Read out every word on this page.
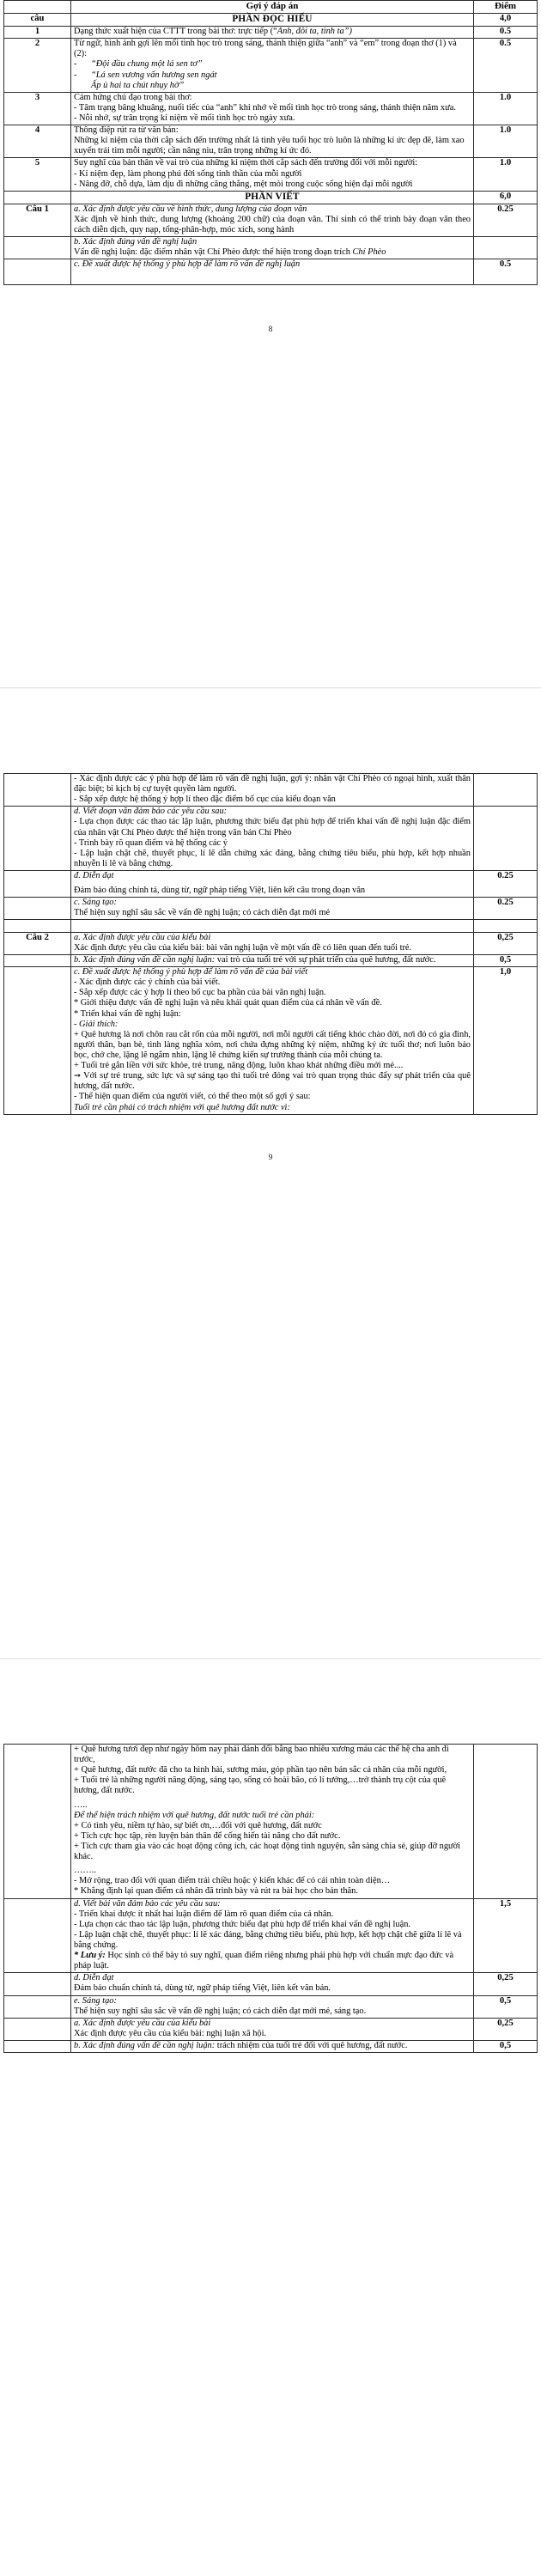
	Gợi ý đáp án	Điểm
câu	PHẦN ĐỌC HIỂU	4,0
1	Dạng thức xuất hiện của CTTT trong bài thơ: trực tiếp (“Anh, đôi ta, tình ta”)	0.5
2	Từ ngữ, hình ảnh gợi lên mối tình học trò trong sáng, thánh thiện giữa “anh” và “em” trong đoạn thơ (1) và (2):

-	“Đội đầu chung một lá sen tơ”
-	“Lá sen vương vấn hương sen ngát
Ấp ủ hai ta chút nhụy hờ”
	0.5
3	Cảm hứng chủ đạo trong bài thơ:

- Tâm trạng bâng khuâng, nuối tiếc của “anh” khi nhớ về mối tình học trò trong sáng, thánh thiện năm xưa.

- Nỗi nhớ, sự trân trọng kỉ niệm về mối tình học trò ngày xưa.	1.0
4	Thông điệp rút ra từ văn bản:

Những kỉ niệm của thời cắp sách đến trường nhất là tình yêu tuổi học trò luôn là những kí ức đẹp đẽ, làm xao xuyến trái tim mỗi người; cần nâng niu, trân trọng những kí ức đó.	1.0
5	Suy nghĩ của bản thân về vai trò của những kỉ niệm thời cắp sách đến trường đối với mỗi người:

- Kỉ niệm đẹp, làm phong phú đời sống tinh thần của mỗi người

- Nâng đỡ, chỗ dựa, làm dịu đi những căng thẳng, mệt mỏi trong cuộc sống hiện đại mỗi người	1.0
	PHẦN VIẾT	6,0
Câu 1	a. Xác định được yêu cầu về hình thức, dung lượng của đoạn văn

Xác định về hình thức, dung lượng (khoảng 200 chữ) của đoạn văn. Thí sinh có thể trình bày đoạn văn theo cách diễn dịch, quy nạp, tổng-phân-hợp, móc xích, song hành	0.25

	b. Xác định đúng vấn đề nghị luận

Vấn đề nghị luận: đặc điểm nhân vật Chí Phèo được thể hiện trong đoạn trích Chí Phèo	

	c. Đề xuất được hệ thống ý phù hợp để làm rõ vấn đề nghị luận	0.5
8

	- Xác định được các ý phù hợp để làm rõ vấn đề nghị luận, gợi ý: nhân vật Chí Phèo có ngoại hình, xuất thân đặc biệt; bi kịch bị cự tuyệt quyền làm người.

- Sắp xếp được hệ thống ý hợp lí theo đặc điểm bố cục của kiểu đoạn văn	

	d. Viết đoạn văn đảm bảo các yêu cầu sau:

- Lựa chọn được các thao tác lập luận, phương thức biểu đạt phù hợp để triển khai vấn đề nghị luận đặc điểm của nhân vật Chí Phèo được thể hiện trong văn bản Chí Phèo

- Trình bày rõ quan điểm và hệ thống các ý

- Lập luận chặt chẽ, thuyết phục, lí lẽ dẫn chứng xác đáng, bằng chứng tiêu biểu, phù hợp, kết hợp nhuần nhuyễn lí lẽ và bằng chứng.	

	đ. Diễn đạt

Đảm bảo đúng chính tả, dùng từ, ngữ pháp tiếng Việt, liên kết câu trong đoạn văn	0.25

	c. Sáng tạo:

Thể hiện suy nghĩ sâu sắc về vấn đề nghị luận; có cách diễn đạt mới mẻ	0.25

Câu 2	a. Xác định được yêu cầu của kiểu bài

Xác định được yêu cầu của kiểu bài: bài văn nghị luận về một vấn đề có liên quan đến tuổi trẻ.	0,25

	b. Xác định đúng vấn đề cần nghị luận: vai trò của tuổi trẻ với sự phát triển của quê hương, đất nước.	0,5

c. Đề xuất được hệ thống ý phù hợp để làm rõ vấn đề của bài viết

- Xác định được các ý chính của bài viết.

- Sắp xếp được các ý hợp lí theo bố cục ba phần của bài văn nghị luận.

* Giới thiệu được vấn đề nghị luận và nêu khái quát quan điểm của cá nhân về vấn đề.

* Triển khai vấn đề nghị luận:

- Giải thích:

+ Quê hương là nơi chôn rau cắt rốn của mỗi người, nơi mỗi người cất tiếng khóc chào đời, nơi đó có gia đình, người thân, bạn bè, tình làng nghĩa xóm, nơi chứa đựng những kỷ niệm, những ký ức tuổi thơ; nơi luôn bảo bọc, chở che, lặng lẽ ngắm nhìn, lặng lẽ chứng kiến sự trưởng thành của mỗi chúng ta.

+ Tuổi trẻ gắn liền với sức khỏe, trẻ trung, năng động, luôn khao khát những điều mới mẻ....

➞ Với sự trẻ trung, sức lực và sự sáng tạo thì tuổi trẻ đóng vai trò quan trọng thúc đẩy sự phát triển của quê hương, đất nước.

- Thể hiện quan điểm của người viết, có thể theo một số gợi ý sau:

Tuổi trẻ cần phải có trách nhiệm với quê hương đất nước vì:

	1,0
9

+ Quê hương tươi đẹp như ngày hôm nay phải đánh đổi bằng bao nhiêu xương máu các thế hệ cha anh đi trước,

+ Quê hương, đất nước đã cho ta hình hài, sương máu, góp phần tạo nên bản sắc cá nhân của mỗi người,

+ Tuổi trẻ là những người năng động, sáng tạo, sống có hoài bão, có lí tưởng,…trở thành trụ cột của quê hương, đất nước.

…..

Để thể hiện trách nhiệm với quê hương, đất nước tuổi trẻ cần phải:

+ Có tình yêu, niềm tự hào, sự biết ơn,…đối với quê hương, đất nước

+ Tích cực học tập, rèn luyện bản thân để cống hiến tài năng cho đất nước.

+ Tích cực tham gia vào các hoạt động công ích, các hoạt động tình nguyện, sẵn sàng chia sẻ, giúp đỡ người khác.

……..

- Mở rộng, trao đổi với quan điểm trái chiều hoặc ý kiến khác để có cái nhìn toàn diện…

* Khẳng định lại quan điểm cá nhân đã trình bày và rút ra bài học cho bản thân.

	d. Viết bài văn đảm bảo các yêu cầu sau:

- Triển khai được ít nhất hai luận điểm để làm rõ quan điểm của cá nhân.

- Lựa chọn các thao tác lập luận, phương thức biểu đạt phù hợp để triển khai vấn đề nghị luận.

- Lập luận chặt chẽ, thuyết phục: lí lẽ xác đáng, bằng chứng tiêu biểu, phù hợp, kết hợp chặt chẽ giữa lí lẽ và bằng chứng.

* Lưu ý: Học sinh có thể bày tỏ suy nghĩ, quan điểm riêng nhưng phải phù hợp với chuẩn mực đạo đức và pháp luật.	1,5

	d. Diễn đạt

Đảm bảo chuẩn chính tả, dùng từ, ngữ pháp tiếng Việt, liên kết văn bản.	0,25

	e. Sáng tạo:

Thể hiện suy nghĩ sâu sắc về vấn đề nghị luận; có cách diễn đạt mới mẻ, sáng tạo.	0,5

	a. Xác định được yêu cầu của kiểu bài

Xác định được yêu cầu của kiểu bài: nghị luận xã hội.	0,25

	b. Xác định đúng vấn đề cần nghị luận: trách nhiệm của tuổi trẻ đối với quê hương, đất nước.	0,5
